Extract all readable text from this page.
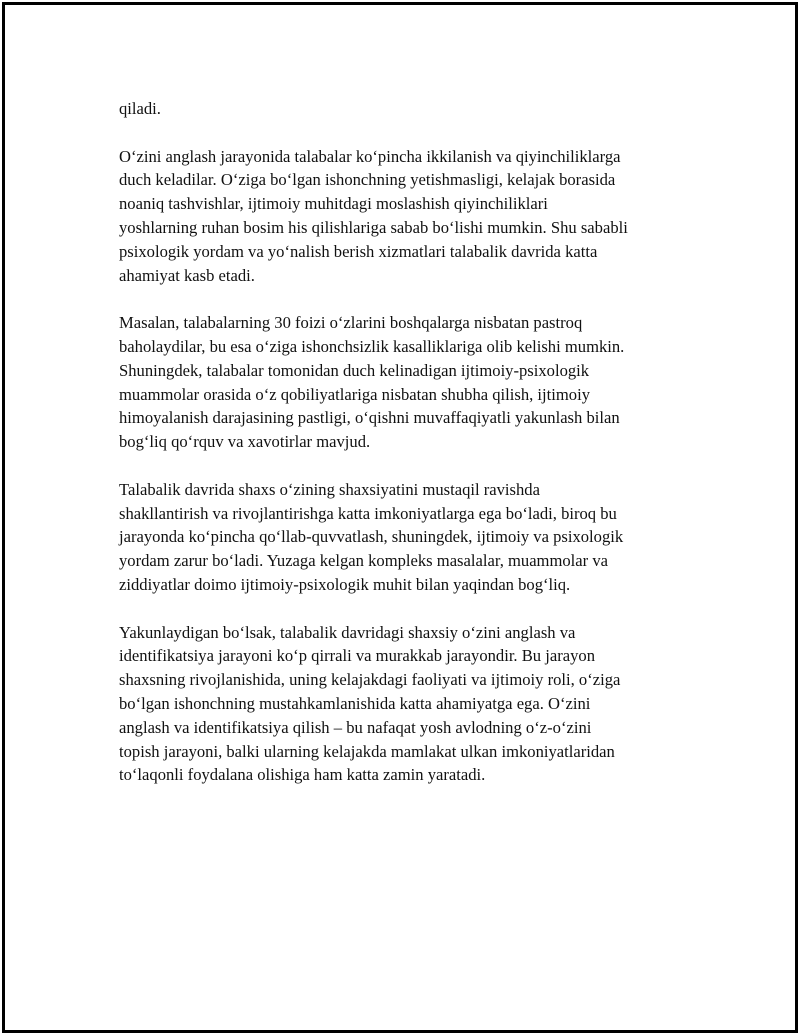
qiladi.

O‘zini anglash jarayonida talabalar ko‘pincha ikkilanish va qiyinchiliklarga
duch keladilar. O‘ziga bo‘lgan ishonchning yetishmasligi, kelajak borasida
noaniq tashvishlar, ijtimoiy muhitdagi moslashish qiyinchiliklari
yoshlarning ruhan bosim his qilishlariga sabab bo‘lishi mumkin. Shu sababli
psixologik yordam va yo‘nalish berish xizmatlari talabalik davrida katta
ahamiyat kasb etadi.

Masalan, talabalarning 30 foizi o‘zlarini boshqalarga nisbatan pastroq
baholaydilar, bu esa o‘ziga ishonchsizlik kasalliklariga olib kelishi mumkin.
Shuningdek, talabalar tomonidan duch kelinadigan ijtimoiy-psixologik
muammolar orasida o‘z qobiliyatlariga nisbatan shubha qilish, ijtimoiy
himoyalanish darajasining pastligi, o‘qishni muvaffaqiyatli yakunlash bilan
bog‘liq qo‘rquv va xavotirlar mavjud.

Talabalik davrida shaxs o‘zining shaxsiyatini mustaqil ravishda
shakllantirish va rivojlantirishga katta imkoniyatlarga ega bo‘ladi, biroq bu
jarayonda ko‘pincha qo‘llab-quvvatlash, shuningdek, ijtimoiy va psixologik
yordam zarur bo‘ladi. Yuzaga kelgan kompleks masalalar, muammolar va
ziddiyatlar doimo ijtimoiy-psixologik muhit bilan yaqindan bog‘liq.

Yakunlaydigan bo‘lsak, talabalik davridagi shaxsiy o‘zini anglash va
identifikatsiya jarayoni ko‘p qirrali va murakkab jarayondir. Bu jarayon
shaxsning rivojlanishida, uning kelajakdagi faoliyati va ijtimoiy roli, o‘ziga
bo‘lgan ishonchning mustahkamlanishida katta ahamiyatga ega. O‘zini
anglash va identifikatsiya qilish – bu nafaqat yosh avlodning o‘z-o‘zini
topish jarayoni, balki ularning kelajakda mamlakat ulkan imkoniyatlaridan
to‘laqonli foydalana olishiga ham katta zamin yaratadi.
